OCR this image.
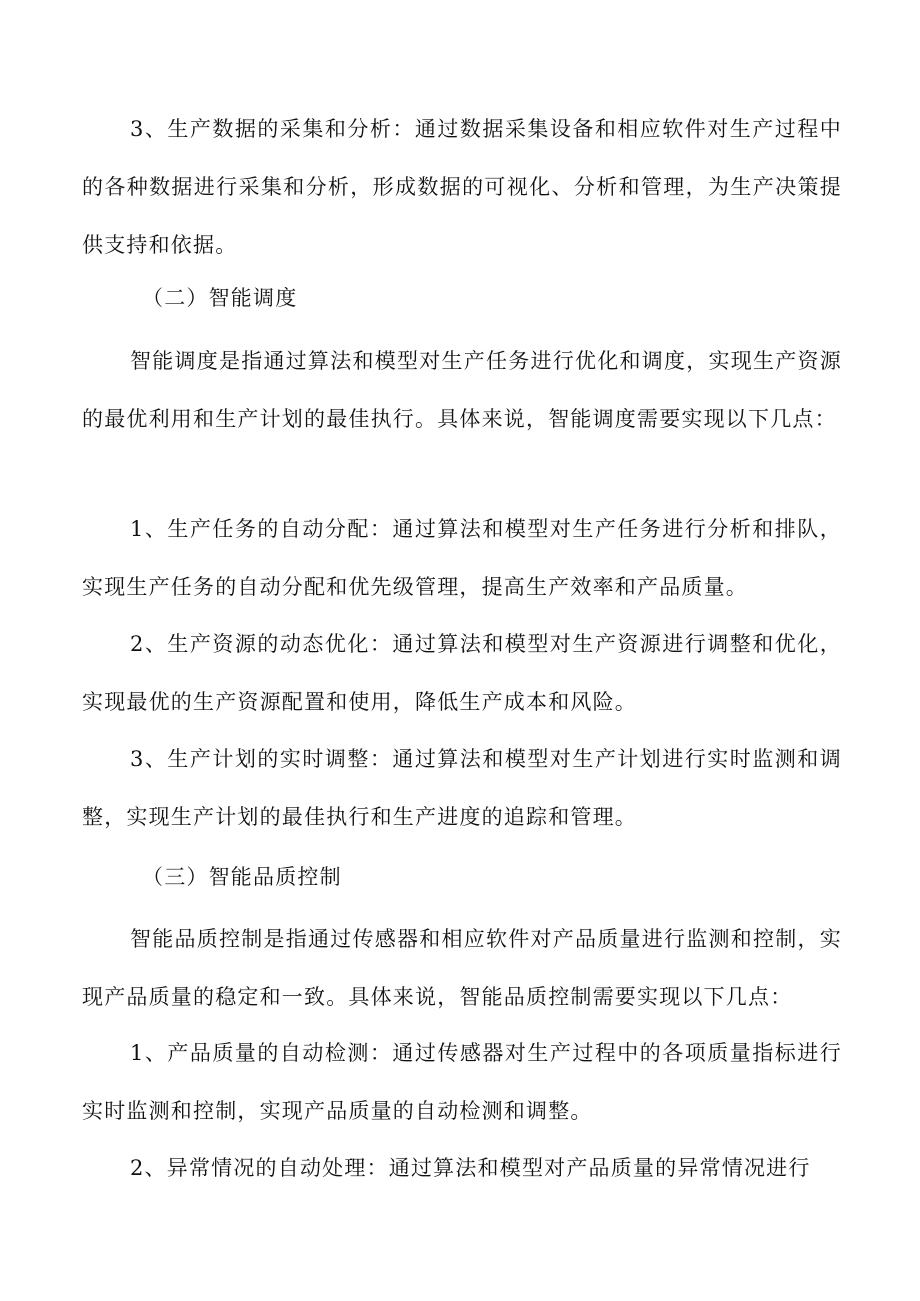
3、生产数据的采集和分析：通过数据采集设备和相应软件对生产过程中的各种数据进行采集和分析，形成数据的可视化、分析和管理，为生产决策提供支持和依据。

（二）智能调度

智能调度是指通过算法和模型对生产任务进行优化和调度，实现生产资源的最优利用和生产计划的最佳执行。具体来说，智能调度需要实现以下几点：

1、生产任务的自动分配：通过算法和模型对生产任务进行分析和排队，实现生产任务的自动分配和优先级管理，提高生产效率和产品质量。

2、生产资源的动态优化：通过算法和模型对生产资源进行调整和优化，实现最优的生产资源配置和使用，降低生产成本和风险。

3、生产计划的实时调整：通过算法和模型对生产计划进行实时监测和调整，实现生产计划的最佳执行和生产进度的追踪和管理。

（三）智能品质控制

智能品质控制是指通过传感器和相应软件对产品质量进行监测和控制，实现产品质量的稳定和一致。具体来说，智能品质控制需要实现以下几点：

1、产品质量的自动检测：通过传感器对生产过程中的各项质量指标进行实时监测和控制，实现产品质量的自动检测和调整。

2、异常情况的自动处理：通过算法和模型对产品质量的异常情况进行
